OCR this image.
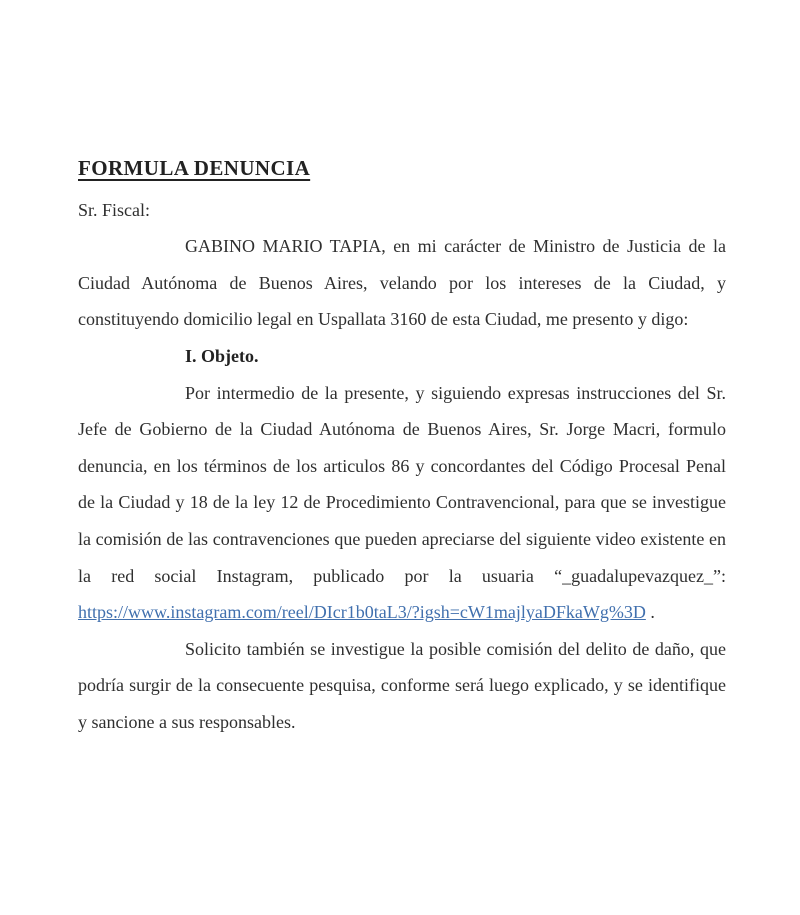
FORMULA DENUNCIA

Sr. Fiscal:

GABINO MARIO TAPIA, en mi carácter de Ministro de Justicia de la Ciudad Autónoma de Buenos Aires, velando por los intereses de la Ciudad, y constituyendo domicilio legal en Uspallata 3160 de esta Ciudad, me presento y digo:

I. Objeto.

Por intermedio de la presente, y siguiendo expresas instrucciones del Sr. Jefe de Gobierno de la Ciudad Autónoma de Buenos Aires, Sr. Jorge Macri, formulo denuncia, en los términos de los articulos 86 y concordantes del Código Procesal Penal de la Ciudad y 18 de la ley 12 de Procedimiento Contravencional, para que se investigue la comisión de las contravenciones que pueden apreciarse del siguiente video existente en la red social Instagram, publicado por la usuaria “_guadalupevazquez_”: https://www.instagram.com/reel/DIcr1b0taL3/?igsh=cW1majlyaDFkaWg%3D .

Solicito también se investigue la posible comisión del delito de daño, que podría surgir de la consecuente pesquisa, conforme será luego explicado, y se identifique y sancione a sus responsables.
